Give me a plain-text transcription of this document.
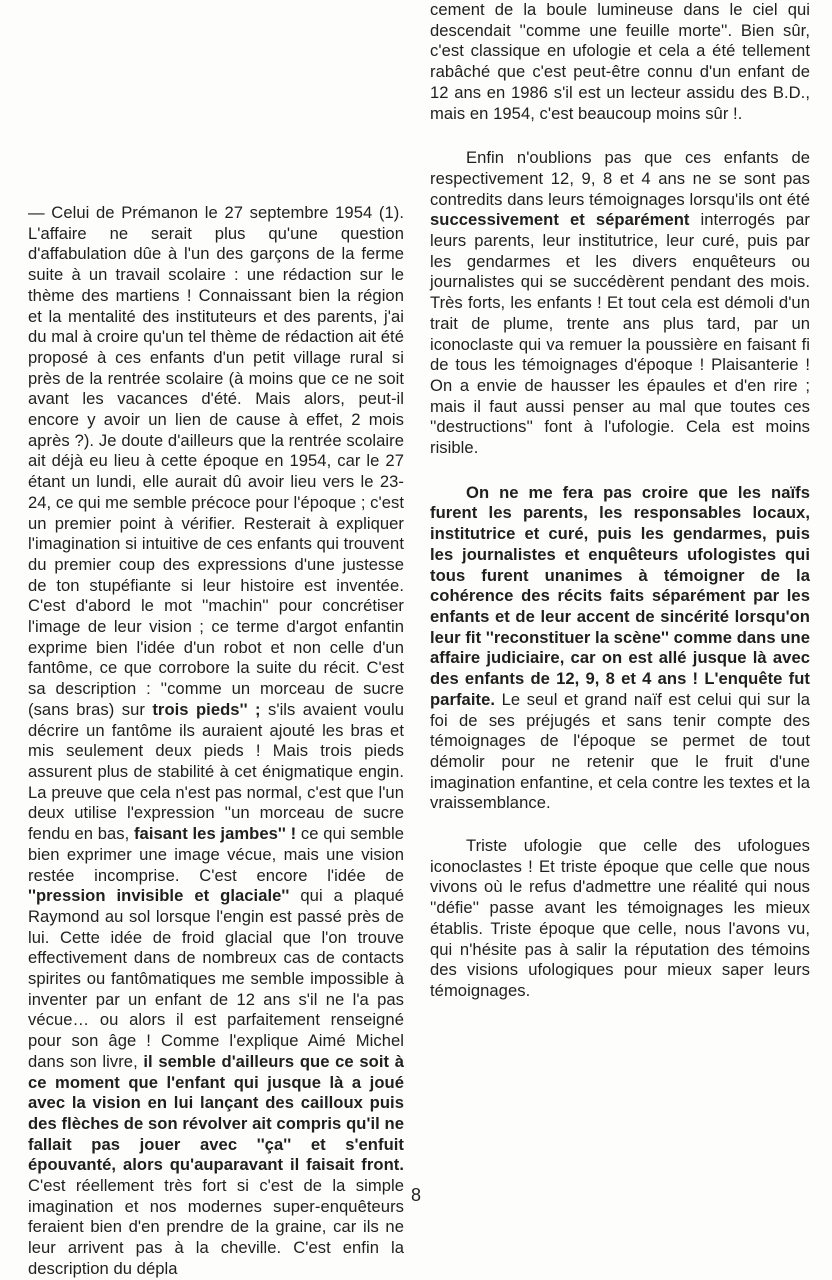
— Celui de Prémanon le 27 septembre 1954 (1). L'affaire ne serait plus qu'une question d'affabulation dûe à l'un des garçons de la ferme suite à un travail scolaire : une rédaction sur le thème des martiens ! Connaissant bien la région et la mentalité des instituteurs et des parents, j'ai du mal à croire qu'un tel thème de rédaction ait été proposé à ces enfants d'un petit village rural si près de la rentrée scolaire (à moins que ce ne soit avant les vacances d'été. Mais alors, peut-il encore y avoir un lien de cause à effet, 2 mois après ?). Je doute d'ailleurs que la rentrée scolaire ait déjà eu lieu à cette époque en 1954, car le 27 étant un lundi, elle aurait dû avoir lieu vers le 23-24, ce qui me semble précoce pour l'époque ; c'est un premier point à vérifier. Resterait à expliquer l'imagination si intuitive de ces enfants qui trouvent du premier coup des expressions d'une justesse de ton stupéfiante si leur histoire est inventée. C'est d'abord le mot ''machin'' pour concrétiser l'image de leur vision ; ce terme d'argot enfantin exprime bien l'idée d'un robot et non celle d'un fantôme, ce que corrobore la suite du récit. C'est sa description : ''comme un morceau de sucre (sans bras) sur trois pieds'' ; s'ils avaient voulu décrire un fantôme ils auraient ajouté les bras et mis seulement deux pieds ! Mais trois pieds assurent plus de stabilité à cet énigmatique engin. La preuve que cela n'est pas normal, c'est que l'un deux utilise l'expression ''un morceau de sucre fendu en bas, faisant les jambes'' ! ce qui semble bien exprimer une image vécue, mais une vision restée incomprise. C'est encore l'idée de ''pression invisible et glaciale'' qui a plaqué Raymond au sol lorsque l'engin est passé près de lui. Cette idée de froid glacial que l'on trouve effectivement dans de nombreux cas de contacts spirites ou fantômatiques me semble impossible à inventer par un enfant de 12 ans s'il ne l'a pas vécue… ou alors il est parfaitement renseigné pour son âge ! Comme l'explique Aimé Michel dans son livre, il semble d'ailleurs que ce soit à ce moment que l'enfant qui jusque là a joué avec la vision en lui lançant des cailloux puis des flèches de son révolver ait compris qu'il ne fallait pas jouer avec ''ça'' et s'enfuit épouvanté, alors qu'auparavant il faisait front. C'est réellement très fort si c'est de la simple imagination et nos modernes super-enquêteurs feraient bien d'en prendre de la graine, car ils ne leur arrivent pas à la cheville. C'est enfin la description du dépla

cement de la boule lumineuse dans le ciel qui descendait ''comme une feuille morte''. Bien sûr, c'est classique en ufologie et cela a été tellement rabâché que c'est peut-être connu d'un enfant de 12 ans en 1986 s'il est un lecteur assidu des B.D., mais en 1954, c'est beaucoup moins sûr !.

Enfin n'oublions pas que ces enfants de respectivement 12, 9, 8 et 4 ans ne se sont pas contredits dans leurs témoignages lorsqu'ils ont été successivement et séparément interrogés par leurs parents, leur institutrice, leur curé, puis par les gendarmes et les divers enquêteurs ou journalistes qui se succédèrent pendant des mois. Très forts, les enfants ! Et tout cela est démoli d'un trait de plume, trente ans plus tard, par un iconoclaste qui va remuer la poussière en faisant fi de tous les témoignages d'époque ! Plaisanterie ! On a envie de hausser les épaules et d'en rire ; mais il faut aussi penser au mal que toutes ces ''destructions'' font à l'ufologie. Cela est moins risible.

On ne me fera pas croire que les naïfs furent les parents, les responsables locaux, institutrice et curé, puis les gendarmes, puis les journalistes et enquêteurs ufologistes qui tous furent unanimes à témoigner de la cohérence des récits faits séparément par les enfants et de leur accent de sincérité lorsqu'on leur fit ''reconstituer la scène'' comme dans une affaire judiciaire, car on est allé jusque là avec des enfants de 12, 9, 8 et 4 ans ! L'enquête fut parfaite. Le seul et grand naïf est celui qui sur la foi de ses préjugés et sans tenir compte des témoignages de l'époque se permet de tout démolir pour ne retenir que le fruit d'une imagination enfantine, et cela contre les textes et la vraissemblance.

Triste ufologie que celle des ufologues iconoclastes ! Et triste époque que celle que nous vivons où le refus d'admettre une réalité qui nous ''défie'' passe avant les témoignages les mieux établis. Triste époque que celle, nous l'avons vu, qui n'hésite pas à salir la réputation des témoins des visions ufologiques pour mieux saper leurs témoignages.

8
